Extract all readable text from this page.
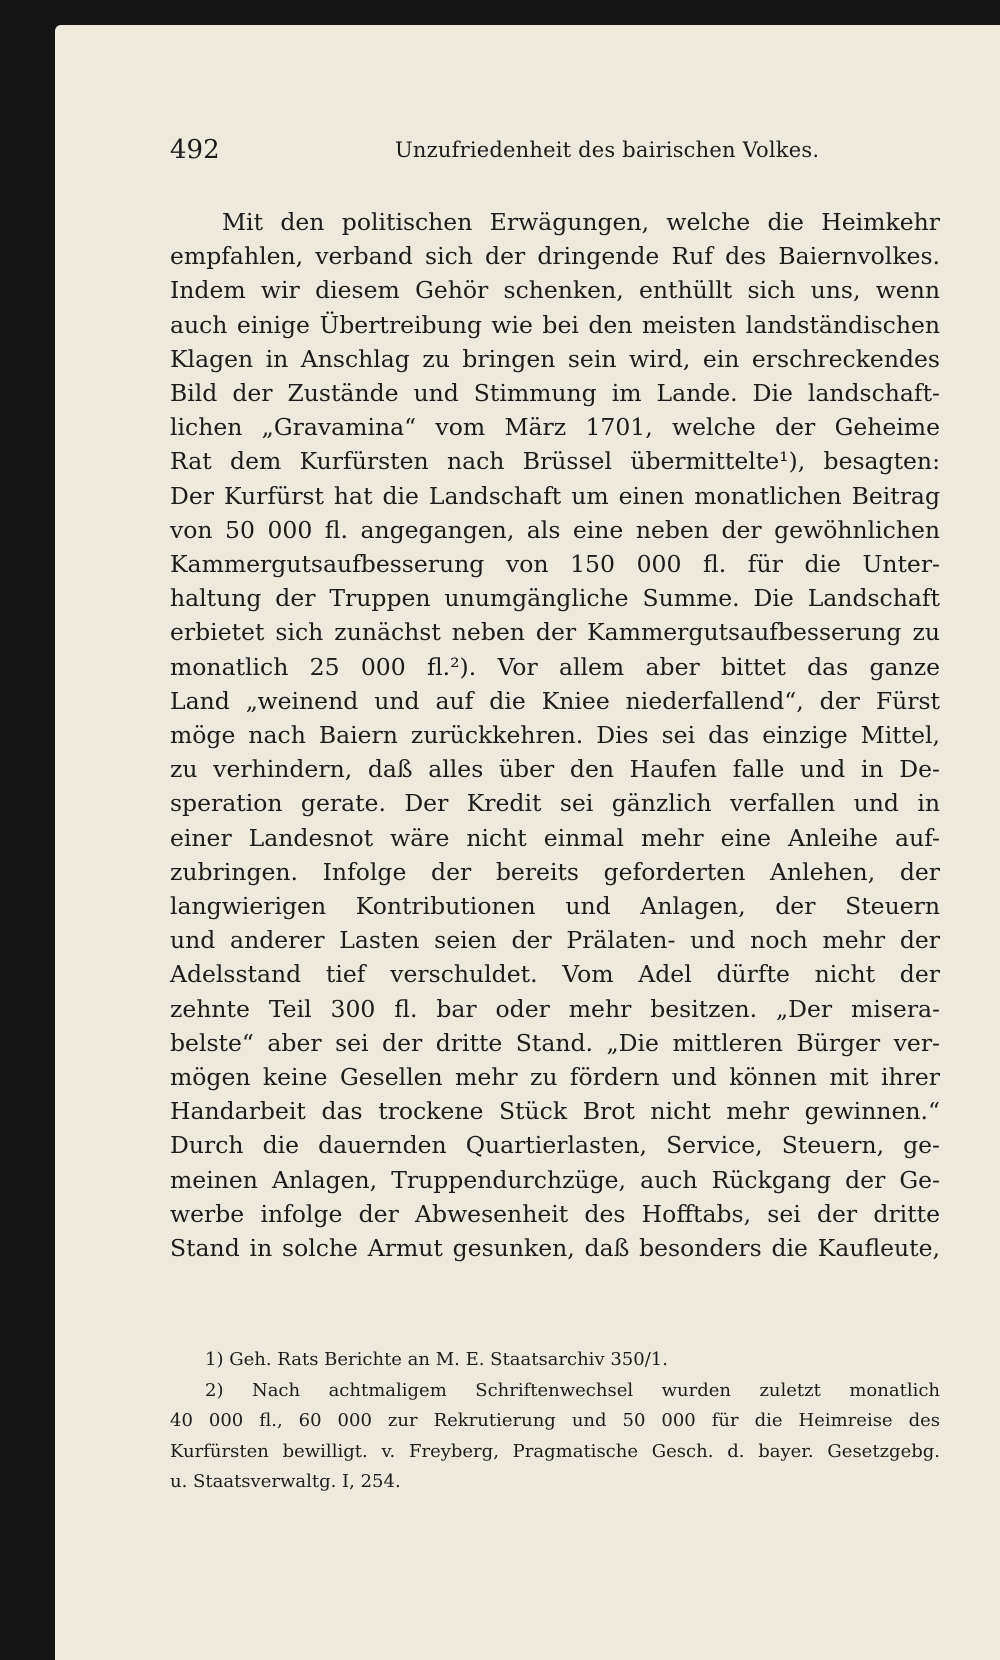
492	Unzufriedenheit des bairischen Volkes.
Mit den politischen Erwägungen, welche die Heimkehr
empfahlen, verband sich der dringende Ruf des Baiernvolkes.
Indem wir diesem Gehör schenken, enthüllt sich uns, wenn
auch einige Übertreibung wie bei den meisten landständischen
Klagen in Anschlag zu bringen sein wird, ein erschreckendes
Bild der Zustände und Stimmung im Lande. Die landschaft-
lichen „Gravamina“ vom März 1701, welche der Geheime
Rat dem Kurfürsten nach Brüssel übermittelte¹), besagten:
Der Kurfürst hat die Landschaft um einen monatlichen Beitrag
von 50 000 fl. angegangen, als eine neben der gewöhnlichen
Kammergutsaufbesserung von 150 000 fl. für die Unter-
haltung der Truppen unumgängliche Summe. Die Landschaft
erbietet sich zunächst neben der Kammergutsaufbesserung zu
monatlich 25 000 fl.²). Vor allem aber bittet das ganze
Land „weinend und auf die Kniee niederfallend“, der Fürst
möge nach Baiern zurückkehren. Dies sei das einzige Mittel,
zu verhindern, daß alles über den Haufen falle und in De-
speration gerate. Der Kredit sei gänzlich verfallen und in
einer Landesnot wäre nicht einmal mehr eine Anleihe auf-
zubringen. Infolge der bereits geforderten Anlehen, der
langwierigen Kontributionen und Anlagen, der Steuern
und anderer Lasten seien der Prälaten- und noch mehr der
Adelsstand tief verschuldet. Vom Adel dürfte nicht der
zehnte Teil 300 fl. bar oder mehr besitzen. „Der misera-
belste“ aber sei der dritte Stand. „Die mittleren Bürger ver-
mögen keine Gesellen mehr zu fördern und können mit ihrer
Handarbeit das trockene Stück Brot nicht mehr gewinnen.“
Durch die dauernden Quartierlasten, Service, Steuern, ge-
meinen Anlagen, Truppendurchzüge, auch Rückgang der Ge-
werbe infolge der Abwesenheit des Hofftabs, sei der dritte
Stand in solche Armut gesunken, daß besonders die Kaufleute,
1) Geh. Rats Berichte an M. E. Staatsarchiv 350/1.
2) Nach achtmaligem Schriftenwechsel wurden zuletzt monatlich
40 000 fl., 60 000 zur Rekrutierung und 50 000 für die Heimreise des
Kurfürsten bewilligt. v. Freyberg, Pragmatische Gesch. d. bayer. Gesetzgebg.
u. Staatsverwaltg. I, 254.
